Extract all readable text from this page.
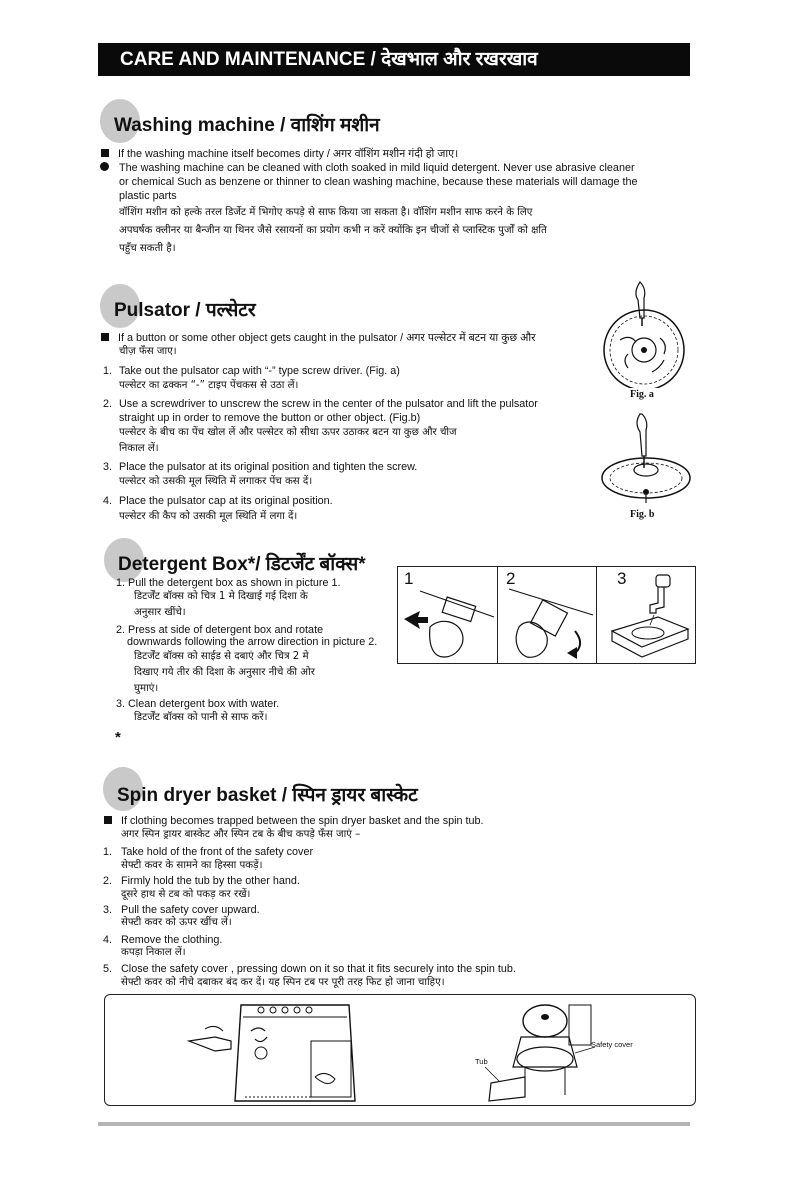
CARE AND MAINTENANCE / देखभाल और रखरखाव
Washing machine / वाशिंग मशीन
If the washing machine itself becomes dirty / अगर वॉशिंग मशीन गंदी हो जाए।
The washing machine can be cleaned with cloth soaked in mild liquid detergent. Never use abrasive cleaner
or chemical Such as benzene or thinner to clean washing machine, because these materials will damage the
plastic parts
वॉशिंग मशीन को हल्के तरल डिर्जेट में भिगोए कपड़े से साफ किया जा सकता है। वॉशिंग मशीन साफ करने के लिए
अपघर्षक क्लीनर या बैन्जीन या थिनर जैसे रसायनों का प्रयोग कभी न करें क्योंकि इन चीजों से प्लास्टिक पुर्जों को क्षति
पहुँच सकती है।
Pulsator / पल्सेटर
If a button or some other object gets caught in the pulsator / अगर पल्सेटर में बटन या कुछ और
चीज़ फँस जाए।
1. Take out the pulsator cap with “-” type screw driver. (Fig. a)
पल्सेटर का ढक्कन “-” टाइप पेंचकस से उठा लें।
2. Use a screwdriver to unscrew the screw in the center of the pulsator and lift the pulsator
straight up in order to remove the button or other object. (Fig.b)
पल्सेटर के बीच का पेंच खोल लें और पल्सेटर को सीधा ऊपर उठाकर बटन या कुछ और चीज
निकाल लें।
3. Place the pulsator at its original position and tighten the screw.
पल्सेटर को उसकी मूल स्थिति में लगाकर पेंच कस दें।
4. Place the pulsator cap at its original position.
पल्सेटर की कैप को उसकी मूल स्थिति में लगा दें।
Fig. a
Fig. b
Detergent Box*/ डिटर्जेंट बॉक्स*
1. Pull the detergent box as shown in picture 1.
डिटर्जेंट बॉक्स को चित्र 1 मे दिखाई गई दिशा के
अनुसार खींचे।
2. Press at side of detergent box and rotate
downwards following the arrow direction in picture 2.
डिटर्जेंट बॉक्स को साईड से दबाएं और चित्र 2 मे
दिखाए गये तीर की दिशा के अनुसार नीचे की ओर
घुमाएं।
3. Clean detergent box with water.
डिटर्जेंट बॉक्स को पानी से साफ करें।
*
1	2	3
Spin dryer basket / स्पिन ड्रायर बास्केट
If clothing becomes trapped between the spin dryer basket and the spin tub.
अगर स्पिन ड्रायर बास्केट और स्पिन टब के बीच कपड़े फँस जाएं –
1. Take hold of the front of the safety cover
सेफ्टी कवर के सामने का हिस्सा पकड़ें।
2. Firmly hold the tub by the other hand.
दूसरे हाथ से टब को पकड़ कर रखें।
3. Pull the safety cover upward.
सेफ्टी कवर को ऊपर खींच लें।
4. Remove the clothing.
कपड़ा निकाल लें।
5. Close the safety cover , pressing down on it so that it fits securely into the spin tub.
सेफ्टी कवर को नीचे दबाकर बंद कर दें। यह स्पिन टब पर पूरी तरह फिट हो जाना चाहिए।
Tub
Safety cover
